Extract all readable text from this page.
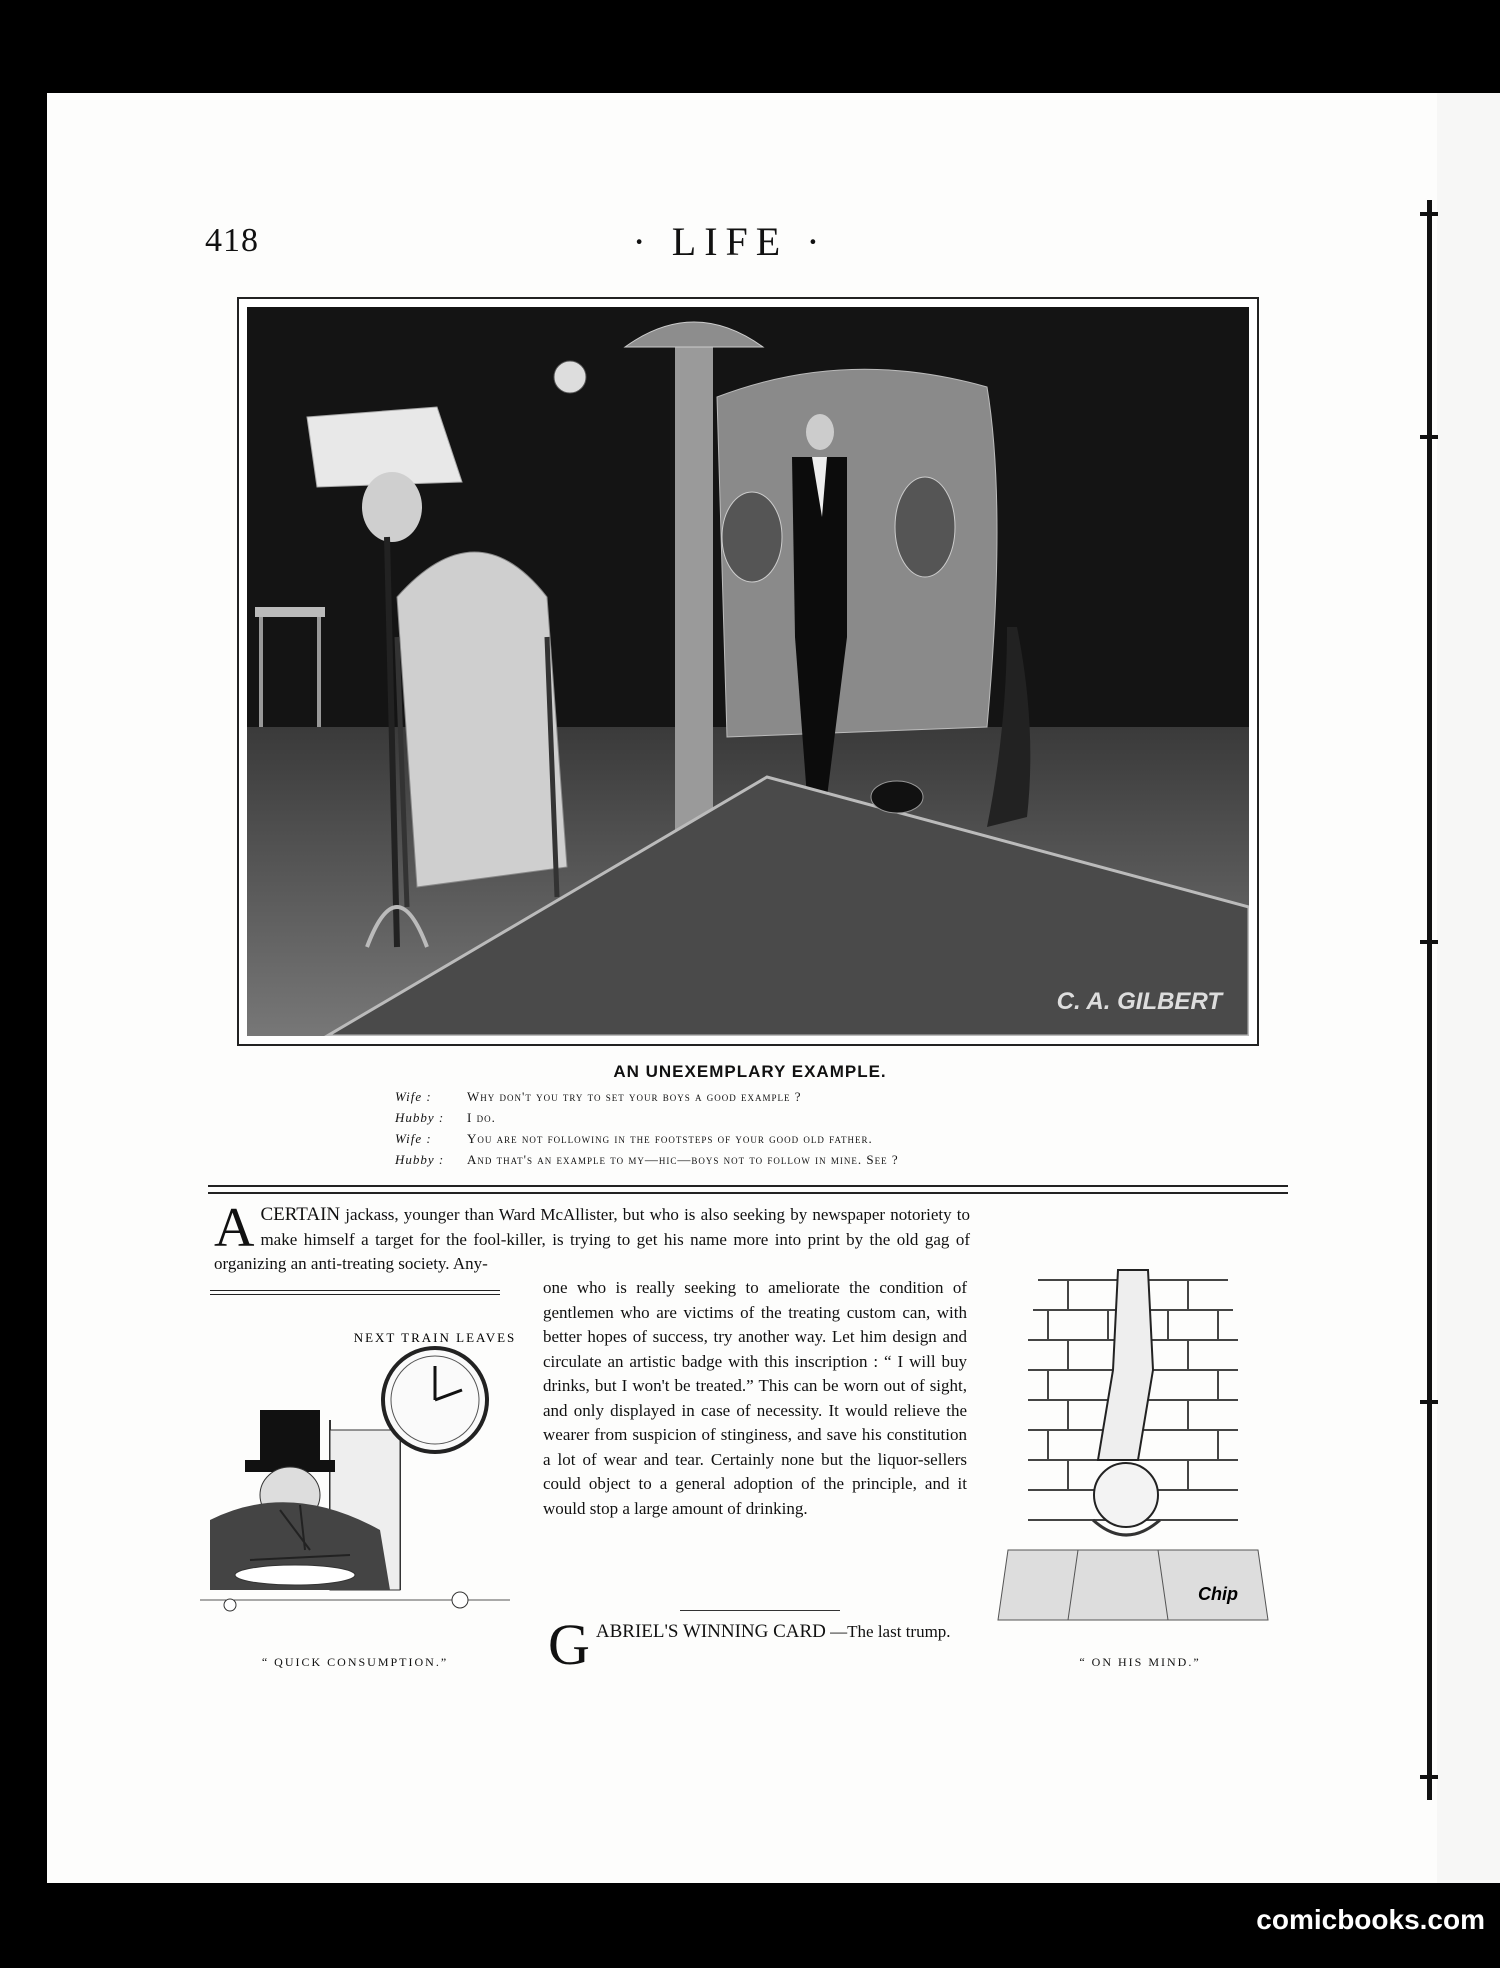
418	· LIFE ·
C. A. GILBERT
AN UNEXEMPLARY EXAMPLE.
Wife :	Why don't you try to set your boys a good example ?
Hubby : I do.
Wife :	You are not following in the footsteps of your good old father.
Hubby : And that's an example to my—hic—boys not to follow in mine. See ?
A CERTAIN jackass, younger than Ward McAllister, but who is also seeking by newspaper notoriety to make himself a target for the fool-killer, is trying to get his name more into print by the old gag of organizing an anti-treating society. Any-
one who is really seeking to ameliorate the condition of gentlemen who are victims of the treating custom can, with better hopes of success, try another way. Let him design and circulate an artistic badge with this inscription : “ I will buy drinks, but I won't be treated.” This can be worn out of sight, and only displayed in case of necessity. It would relieve the wearer from suspicion of stinginess, and save his constitution a lot of wear and tear. Certainly none but the liquor-sellers could object to a general adoption of the principle, and it would stop a large amount of drinking.
G ABRIEL'S WINNING CARD —The last trump.
NEXT TRAIN LEAVES
“ QUICK CONSUMPTION.”
Chip
“ ON HIS MIND.”
comicbooks.com
